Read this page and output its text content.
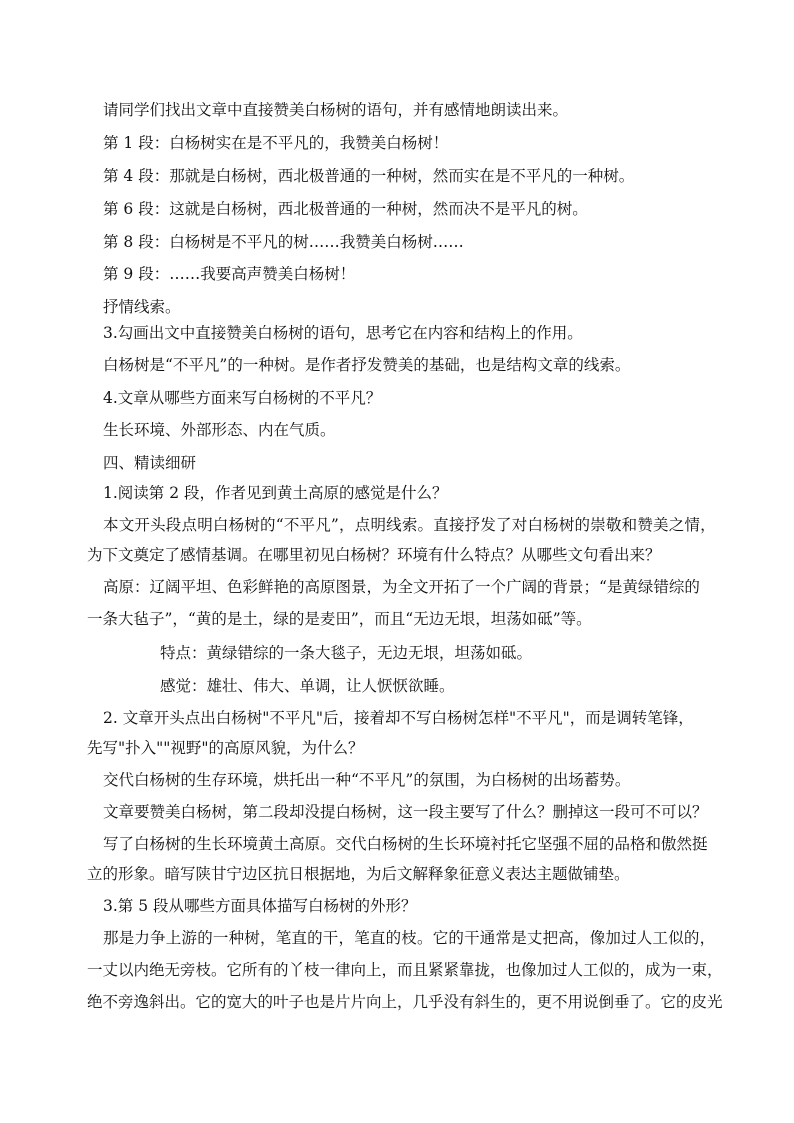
请同学们找出文章中直接赞美白杨树的语句，并有感情地朗读出来。
第 1 段：白杨树实在是不平凡的，我赞美白杨树！
第 4 段：那就是白杨树，西北极普通的一种树，然而实在是不平凡的一种树。
第 6 段：这就是白杨树，西北极普通的一种树，然而决不是平凡的树。
第 8 段：白杨树是不平凡的树……我赞美白杨树……
第 9 段：……我要高声赞美白杨树！
抒情线索。
3.勾画出文中直接赞美白杨树的语句，思考它在内容和结构上的作用。
白杨树是“不平凡”的一种树。是作者抒发赞美的基础，也是结构文章的线索。
4.文章从哪些方面来写白杨树的不平凡？
生长环境、外部形态、内在气质。
四、精读细研
1.阅读第 2 段，作者见到黄土高原的感觉是什么？
本文开头段点明白杨树的“不平凡”，点明线索。直接抒发了对白杨树的崇敬和赞美之情，
为下文奠定了感情基调。在哪里初见白杨树？环境有什么特点？从哪些文句看出来？
高原：辽阔平坦、色彩鲜艳的高原图景，为全文开拓了一个广阔的背景；“是黄绿错综的
一条大毡子”，“黄的是土，绿的是麦田”，而且“无边无垠，坦荡如砥”等。
特点：黄绿错综的一条大毯子，无边无垠，坦荡如砥。
感觉：雄壮、伟大、单调，让人恹恹欲睡。
2. 文章开头点出白杨树"不平凡"后，接着却不写白杨树怎样"不平凡"，而是调转笔锋，
先写"扑入""视野"的高原风貌，为什么？
交代白杨树的生存环境，烘托出一种“不平凡”的氛围，为白杨树的出场蓄势。
文章要赞美白杨树，第二段却没提白杨树，这一段主要写了什么？删掉这一段可不可以？
写了白杨树的生长环境黄土高原。交代白杨树的生长环境衬托它坚强不屈的品格和傲然挺
立的形象。暗写陕甘宁边区抗日根据地，为后文解释象征意义表达主题做铺垫。
3.第 5 段从哪些方面具体描写白杨树的外形？
那是力争上游的一种树，笔直的干，笔直的枝。它的干通常是丈把高，像加过人工似的，
一丈以内绝无旁枝。它所有的丫枝一律向上，而且紧紧靠拢，也像加过人工似的，成为一束，
绝不旁逸斜出。它的宽大的叶子也是片片向上，几乎没有斜生的，更不用说倒垂了。它的皮光
